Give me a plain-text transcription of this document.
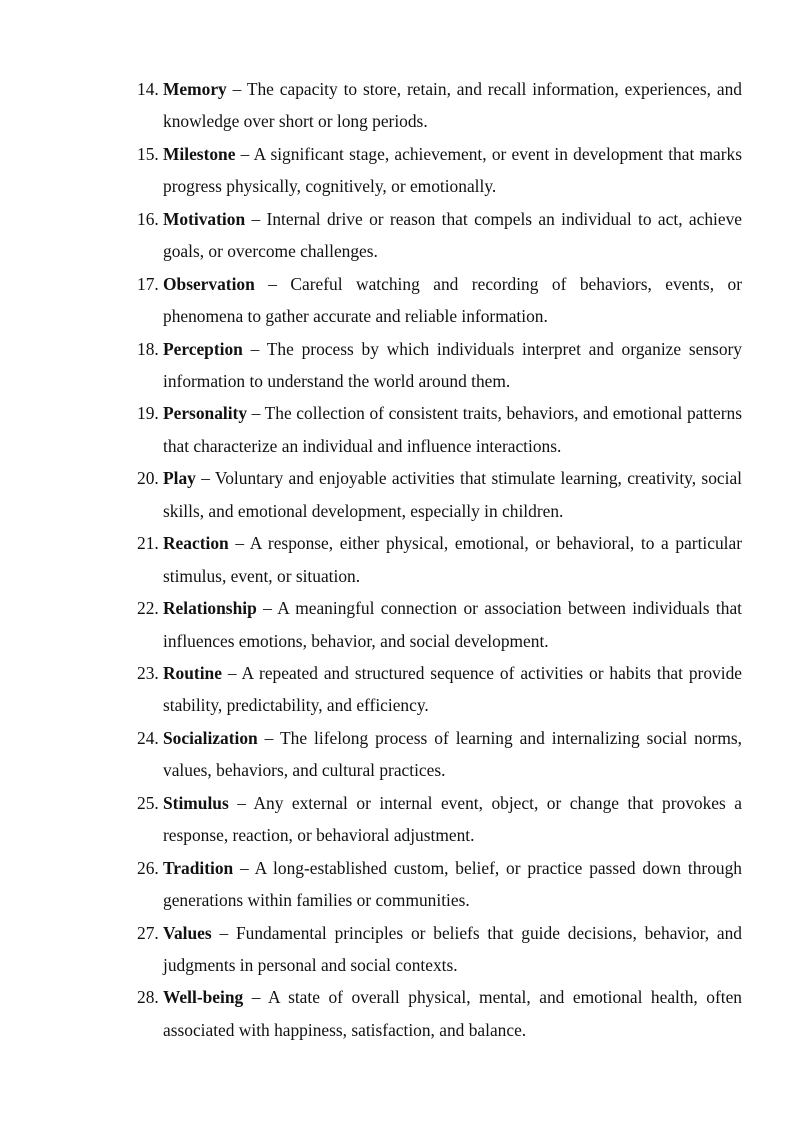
14. Memory – The capacity to store, retain, and recall information, experiences, and knowledge over short or long periods.
15. Milestone – A significant stage, achievement, or event in development that marks progress physically, cognitively, or emotionally.
16. Motivation – Internal drive or reason that compels an individual to act, achieve goals, or overcome challenges.
17. Observation – Careful watching and recording of behaviors, events, or phenomena to gather accurate and reliable information.
18. Perception – The process by which individuals interpret and organize sensory information to understand the world around them.
19. Personality – The collection of consistent traits, behaviors, and emotional patterns that characterize an individual and influence interactions.
20. Play – Voluntary and enjoyable activities that stimulate learning, creativity, social skills, and emotional development, especially in children.
21. Reaction – A response, either physical, emotional, or behavioral, to a particular stimulus, event, or situation.
22. Relationship – A meaningful connection or association between individuals that influences emotions, behavior, and social development.
23. Routine – A repeated and structured sequence of activities or habits that provide stability, predictability, and efficiency.
24. Socialization – The lifelong process of learning and internalizing social norms, values, behaviors, and cultural practices.
25. Stimulus – Any external or internal event, object, or change that provokes a response, reaction, or behavioral adjustment.
26. Tradition – A long-established custom, belief, or practice passed down through generations within families or communities.
27. Values – Fundamental principles or beliefs that guide decisions, behavior, and judgments in personal and social contexts.
28. Well-being – A state of overall physical, mental, and emotional health, often associated with happiness, satisfaction, and balance.
